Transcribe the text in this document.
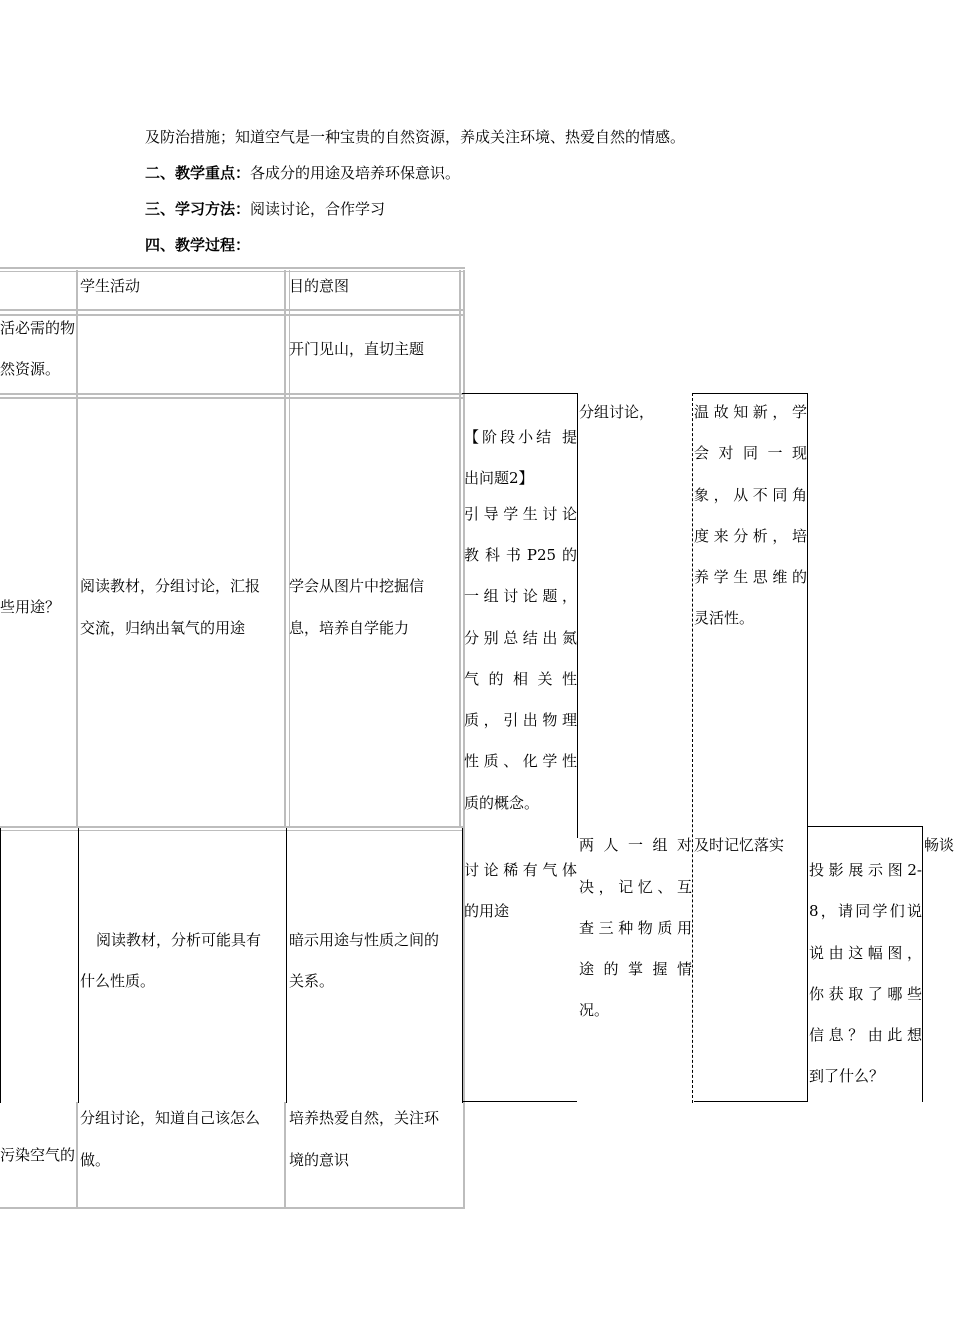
及防治措施；知道空气是一种宝贵的自然资源，养成关注环境、热爱自然的情感。
二、教学重点：各成分的用途及培养环保意识。
三、学习方法：阅读讨论，合作学习
四、教学过程：
学生活动	目的意图
活必需的物
然资源。
开门见山，直切主题
些用途？
阅读教材，分组讨论，汇报
交流，归纳出氧气的用途
学会从图片中挖掘信
息，培养自学能力
阅读教材，分析可能具有
什么性质。
暗示用途与性质之间的
关系。
污染空气的
分组讨论，知道自己该怎么
做。
培养热爱自然，关注环
境的意识
【阶段小结 提
出问题2】
引导学生讨论
教科书P25的
一组讨论题，
分别总结出氮
气的相关性
质，引出物理
性质、化学性
质的概念。
分组讨论，	温故知新，学
会对同一现
象，从不同角
度来分析，培
养学生思维的
灵活性。
讨论稀有气体
的用途
两人一组对
决，记忆、互
查三种物质用
途的掌握情
况。
及时记忆落实
投影展示图2-
8，请同学们说
说由这幅图，
你获取了哪些
信息？由此想
到了什么？
畅谈
